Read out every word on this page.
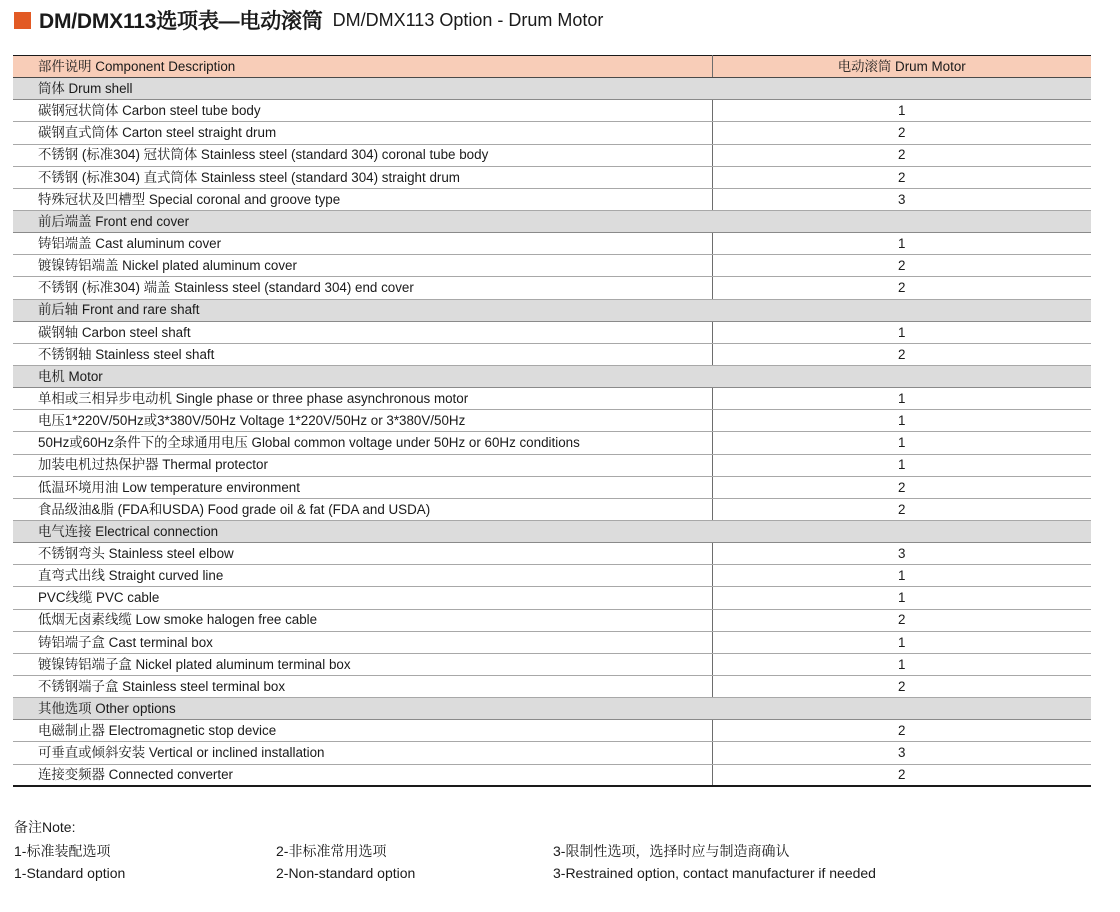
DM/DMX113选项表—电动滚筒 DM/DMX113 Option - Drum Motor
部件说明 Component Description	电动滚筒 Drum Motor
筒体 Drum shell	
碳钢冠状筒体 Carbon steel tube body	1
碳钢直式筒体 Carton steel straight drum	2
不锈钢 (标准304) 冠状筒体 Stainless steel (standard 304) coronal tube body	2
不锈钢 (标准304) 直式筒体 Stainless steel (standard 304) straight drum	2
特殊冠状及凹槽型 Special coronal and groove type	3
前后端盖 Front end cover	
铸铝端盖 Cast aluminum cover	1
镀镍铸铝端盖 Nickel plated aluminum cover	2
不锈钢 (标准304) 端盖 Stainless steel (standard 304) end cover	2
前后轴 Front and rare shaft	
碳钢轴 Carbon steel shaft	1
不锈钢轴 Stainless steel shaft	2
电机 Motor	
单相或三相异步电动机 Single phase or three phase asynchronous motor	1
电压1*220V/50Hz或3*380V/50Hz Voltage 1*220V/50Hz or 3*380V/50Hz	1
50Hz或60Hz条件下的全球通用电压 Global common voltage under 50Hz or 60Hz conditions	1
加装电机过热保护器 Thermal protector	1
低温环境用油 Low temperature environment	2
食品级油&脂 (FDA和USDA) Food grade oil & fat (FDA and USDA)	2
电气连接 Electrical connection	
不锈钢弯头 Stainless steel elbow	3
直弯式出线 Straight curved line	1
PVC线缆 PVC cable	1
低烟无卤素线缆 Low smoke halogen free cable	2
铸铝端子盒 Cast terminal box	1
镀镍铸铝端子盒 Nickel plated aluminum terminal box	1
不锈钢端子盒 Stainless steel terminal box	2
其他选项 Other options	
电磁制止器 Electromagnetic stop device	2
可垂直或倾斜安装 Vertical or inclined installation	3
连接变频器 Connected converter	2
备注Note:
1-标准装配选项
1-Standard option
2-非标准常用选项
2-Non-standard option
3-限制性选项，选择时应与制造商确认
3-Restrained option, contact manufacturer if needed
